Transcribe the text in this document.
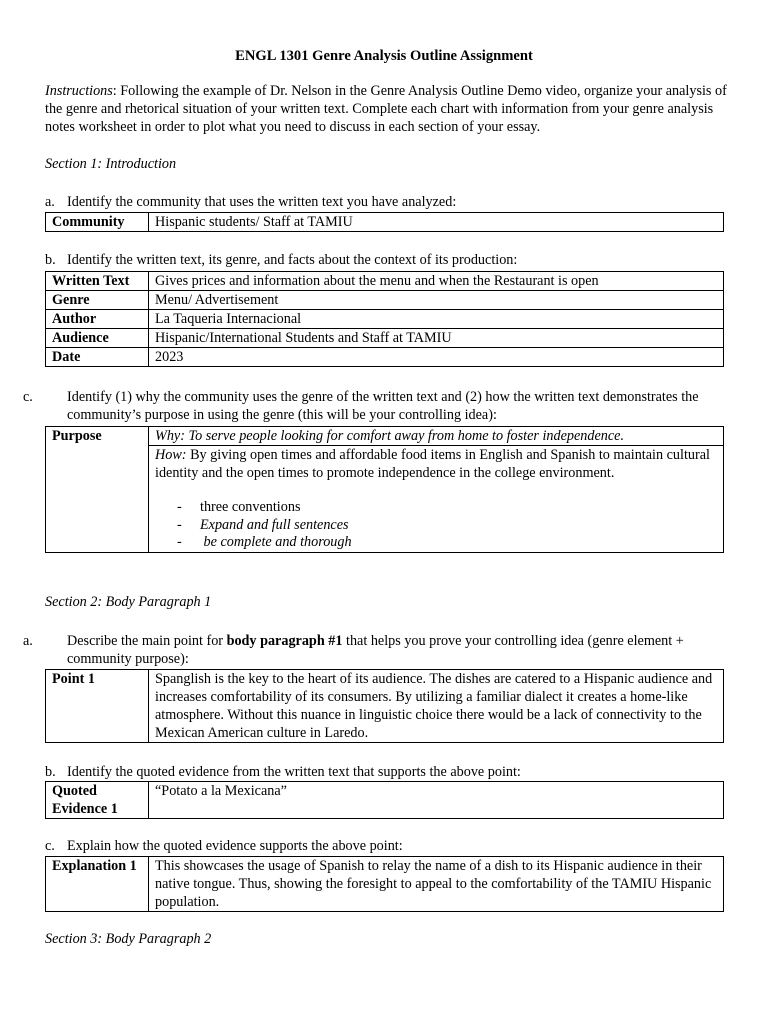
ENGL 1301 Genre Analysis Outline Assignment

Instructions: Following the example of Dr. Nelson in the Genre Analysis Outline Demo video, organize your analysis of the genre and rhetorical situation of your written text. Complete each chart with information from your genre analysis notes worksheet in order to plot what you need to discuss in each section of your essay.

Section 1: Introduction

a. Identify the community that uses the written text you have analyzed:

Community	Hispanic students/ Staff at TAMIU

b. Identify the written text, its genre, and facts about the context of its production:

Written Text	Gives prices and information about the menu and when the Restaurant is open
Genre	Menu/ Advertisement
Author	La Taqueria Internacional
Audience	Hispanic/International Students and Staff at TAMIU
Date	2023
c. Identify (1) why the community uses the genre of the written text and (2) how the written text demonstrates the community’s purpose in using the genre (this will be your controlling idea):
Purpose	Why: To serve people looking for comfort away from home to foster independence.

How: By giving open times and affordable food items in English and Spanish to maintain cultural identity and the open times to promote independence in the college environment.
- three conventions
- Expand and full sentences
-  be complete and thorough

Section 2: Body Paragraph 1

a. Describe the main point for body paragraph #1 that helps you prove your controlling idea (genre element + community purpose):
Point 1	Spanglish is the key to the heart of its audience. The dishes are catered to a Hispanic audience and increases comfortability of its consumers. By utilizing a familiar dialect it creates a home-like atmosphere. Without this nuance in linguistic choice there would be a lack of connectivity to the Mexican American culture in Laredo.

b. Identify the quoted evidence from the written text that supports the above point:

Quoted Evidence 1	“Potato a la Mexicana”

c. Explain how the quoted evidence supports the above point:

Explanation 1	This showcases the usage of Spanish to relay the name of a dish to its Hispanic audience in their native tongue. Thus, showing the foresight to appeal to the comfortability of the TAMIU Hispanic population.

Section 3: Body Paragraph 2
